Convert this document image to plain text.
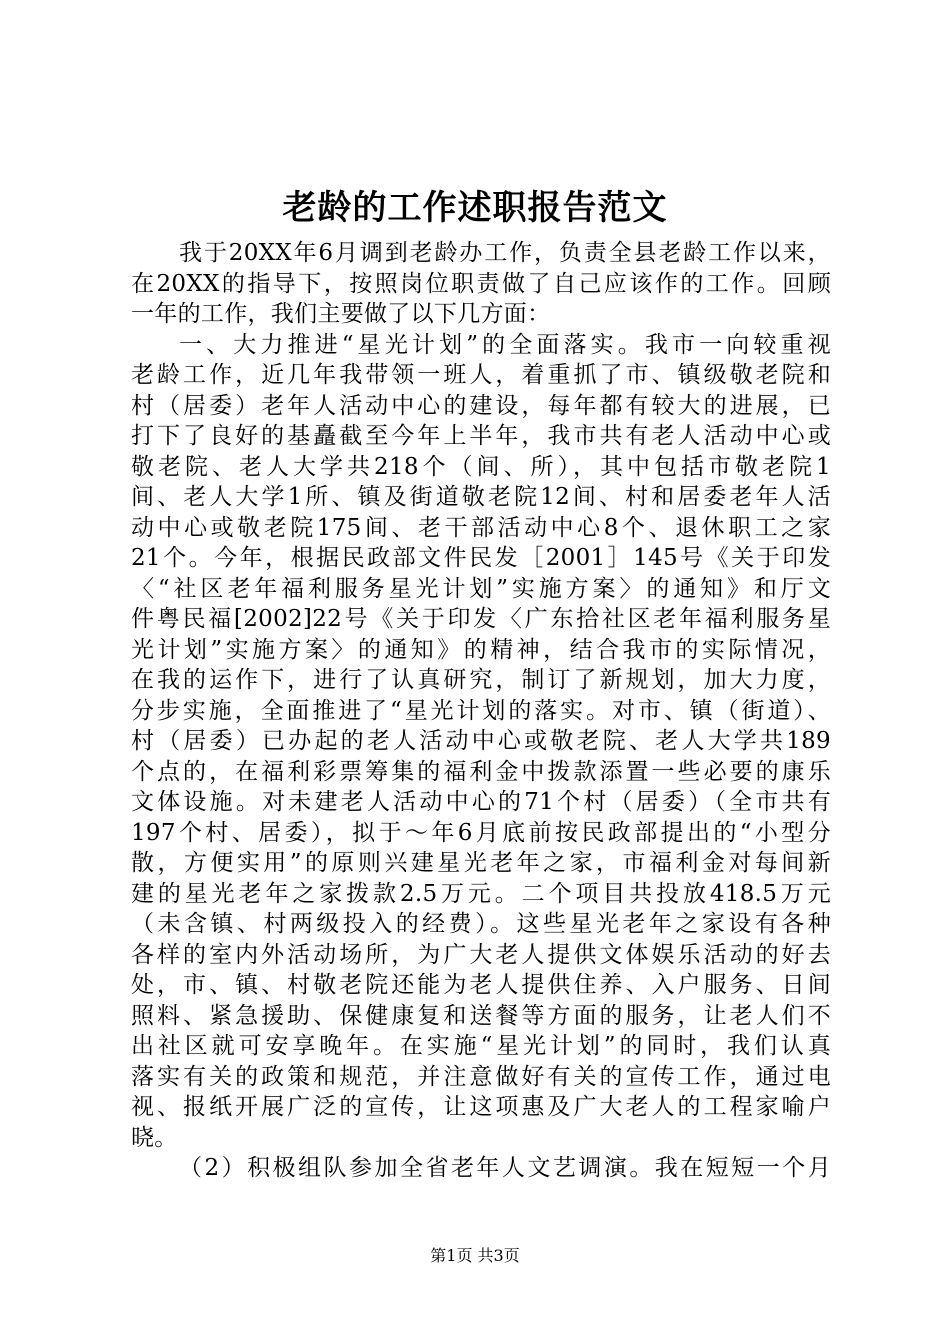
老龄的工作述职报告范文
我于20XX年6月调到老龄办工作，负责全县老龄工作以来，
在20XX的指导下，按照岗位职责做了自己应该作的工作。回顾
一年的工作，我们主要做了以下几方面：
一、大力推进“星光计划”的全面落实。我市一向较重视
老龄工作，近几年我带领一班人，着重抓了市、镇级敬老院和
村（居委）老年人活动中心的建设，每年都有较大的进展，已
打下了良好的基矗截至今年上半年，我市共有老人活动中心或
敬老院、老人大学共218个（间、所），其中包括市敬老院1
间、老人大学1所、镇及街道敬老院12间、村和居委老年人活
动中心或敬老院175间、老干部活动中心8个、退休职工之家
21个。今年，根据民政部文件民发［2001］145号《关于印发
〈“社区老年福利服务星光计划”实施方案〉的通知》和厅文
件粤民福[2002]22号《关于印发〈广东拾社区老年福利服务星
光计划”实施方案〉的通知》的精神，结合我市的实际情况，
在我的运作下，进行了认真研究，制订了新规划，加大力度，
分步实施，全面推进了“星光计划的落实。对市、镇（街道）、
村（居委）已办起的老人活动中心或敬老院、老人大学共189
个点的，在福利彩票筹集的福利金中拨款添置一些必要的康乐
文体设施。对未建老人活动中心的71个村（居委）（全市共有
197个村、居委），拟于～年6月底前按民政部提出的“小型分
散，方便实用”的原则兴建星光老年之家，市福利金对每间新
建的星光老年之家拨款2.5万元。二个项目共投放418.5万元
（未含镇、村两级投入的经费）。这些星光老年之家设有各种
各样的室内外活动场所，为广大老人提供文体娱乐活动的好去
处，市、镇、村敬老院还能为老人提供住养、入户服务、日间
照料、紧急援助、保健康复和送餐等方面的服务，让老人们不
出社区就可安享晚年。在实施“星光计划”的同时，我们认真
落实有关的政策和规范，并注意做好有关的宣传工作，通过电
视、报纸开展广泛的宣传，让这项惠及广大老人的工程家喻户
晓。
（2）积极组队参加全省老年人文艺调演。我在短短一个月
第1页 共3页
